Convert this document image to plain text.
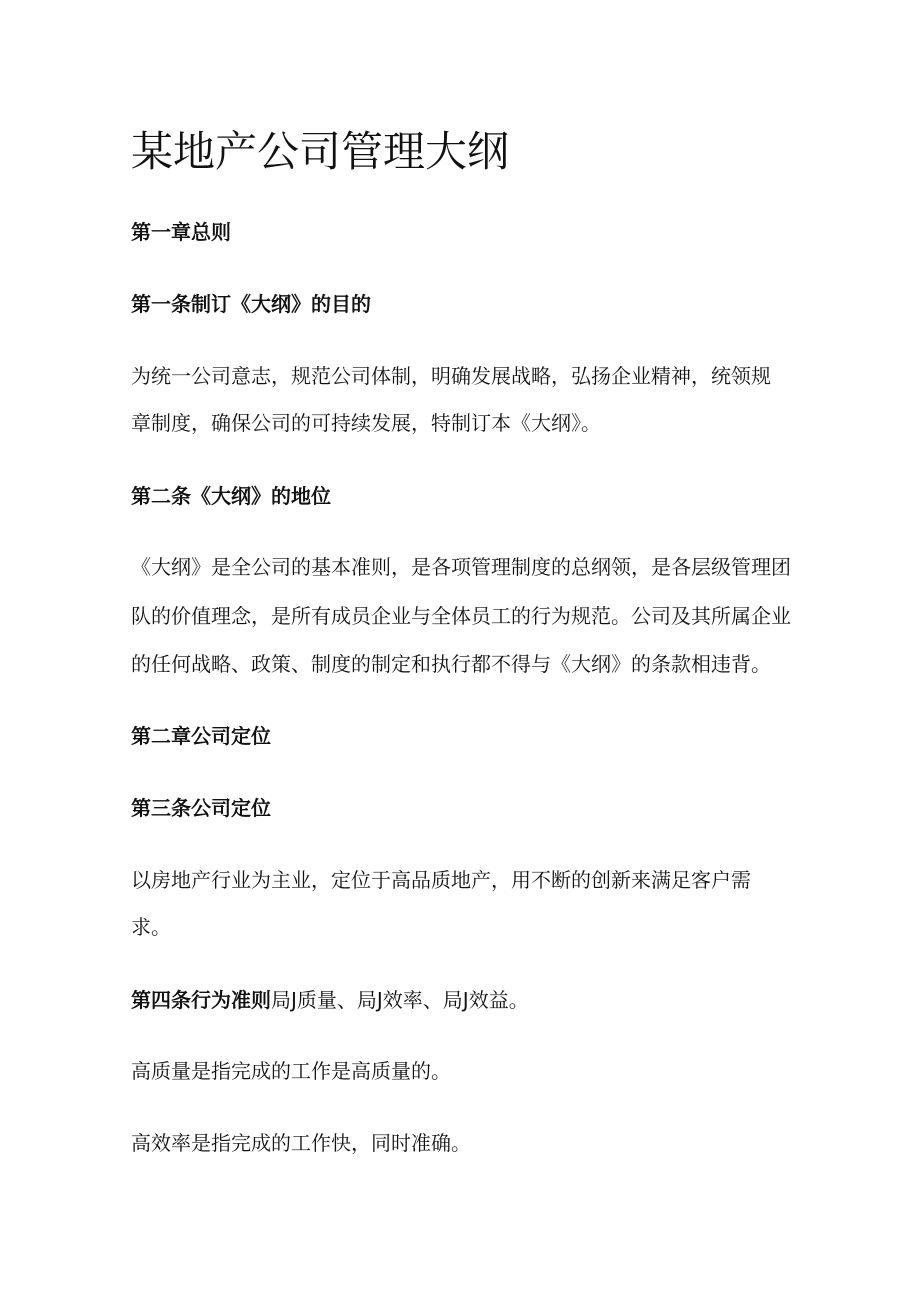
某地产公司管理大纲

第一章总则

第一条制订《大纲》的目的

为统一公司意志，规范公司体制，明确发展战略，弘扬企业精神，统领规

章制度，确保公司的可持续发展，特制订本《大纲》。

第二条《大纲》的地位

《大纲》是全公司的基本准则，是各项管理制度的总纲领，是各层级管理团

队的价值理念，是所有成员企业与全体员工的行为规范。公司及其所属企业

的任何战略、政策、制度的制定和执行都不得与《大纲》的条款相违背。

第二章公司定位

第三条公司定位

以房地产行业为主业，定位于高品质地产，用不断的创新来满足客户需

求。

第四条行为准则局J质量、局J效率、局J效益。

高质量是指完成的工作是高质量的。

高效率是指完成的工作快，同时准确。
